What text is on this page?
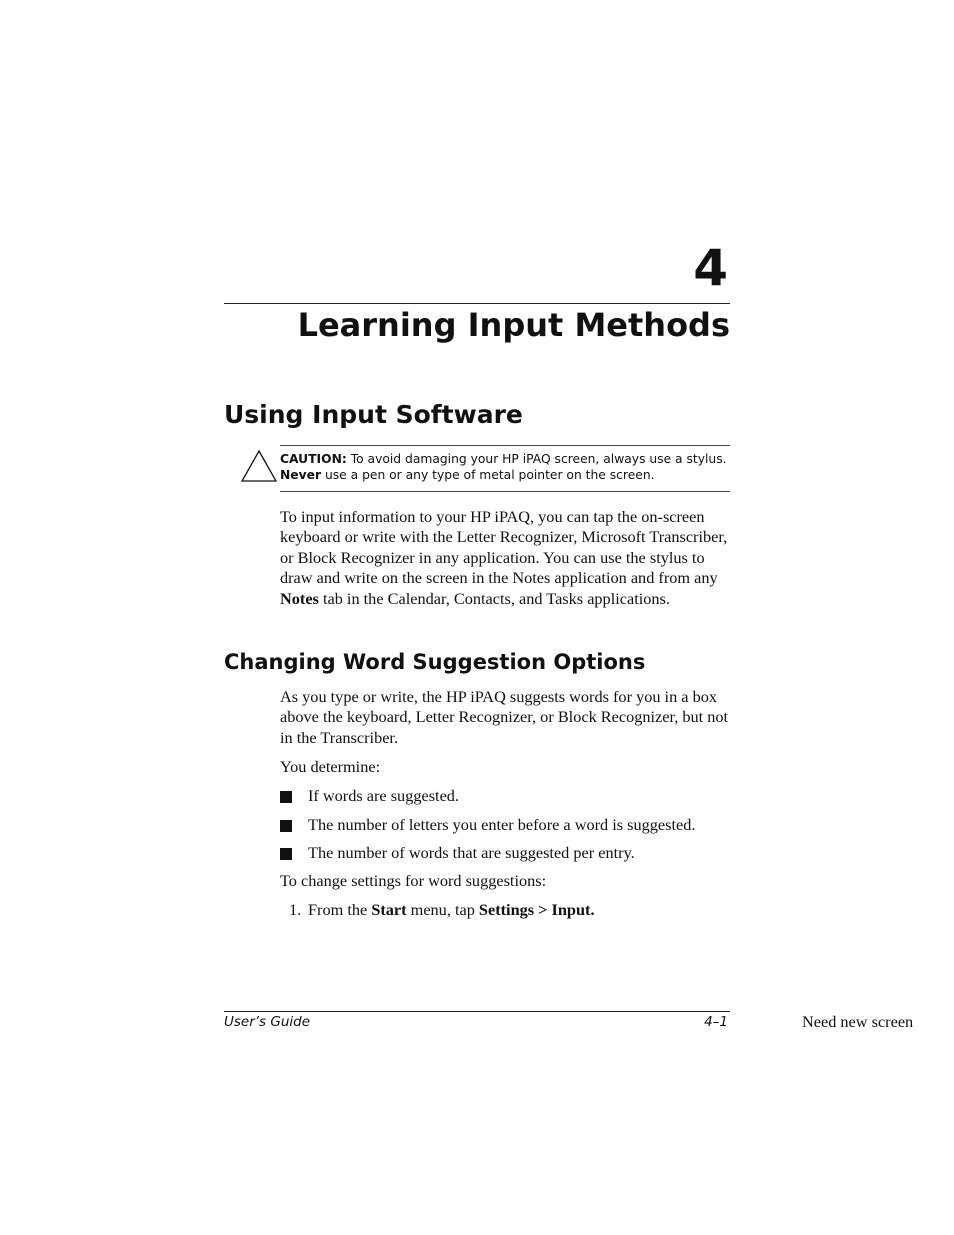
4
Learning Input Methods
Using Input Software
CAUTION: To avoid damaging your HP iPAQ screen, always use a stylus. Never use a pen or any type of metal pointer on the screen.
To input information to your HP iPAQ, you can tap the on-screen keyboard or write with the Letter Recognizer, Microsoft Transcriber, or Block Recognizer in any application. You can use the stylus to draw and write on the screen in the Notes application and from any Notes tab in the Calendar, Contacts, and Tasks applications.
Changing Word Suggestion Options
As you type or write, the HP iPAQ suggests words for you in a box above the keyboard, Letter Recognizer, or Block Recognizer, but not in the Transcriber.
You determine:
If words are suggested.
The number of letters you enter before a word is suggested.
The number of words that are suggested per entry.
To change settings for word suggestions:
1. From the Start menu, tap Settings > Input.
User’s Guide	4–1	Need new screen
